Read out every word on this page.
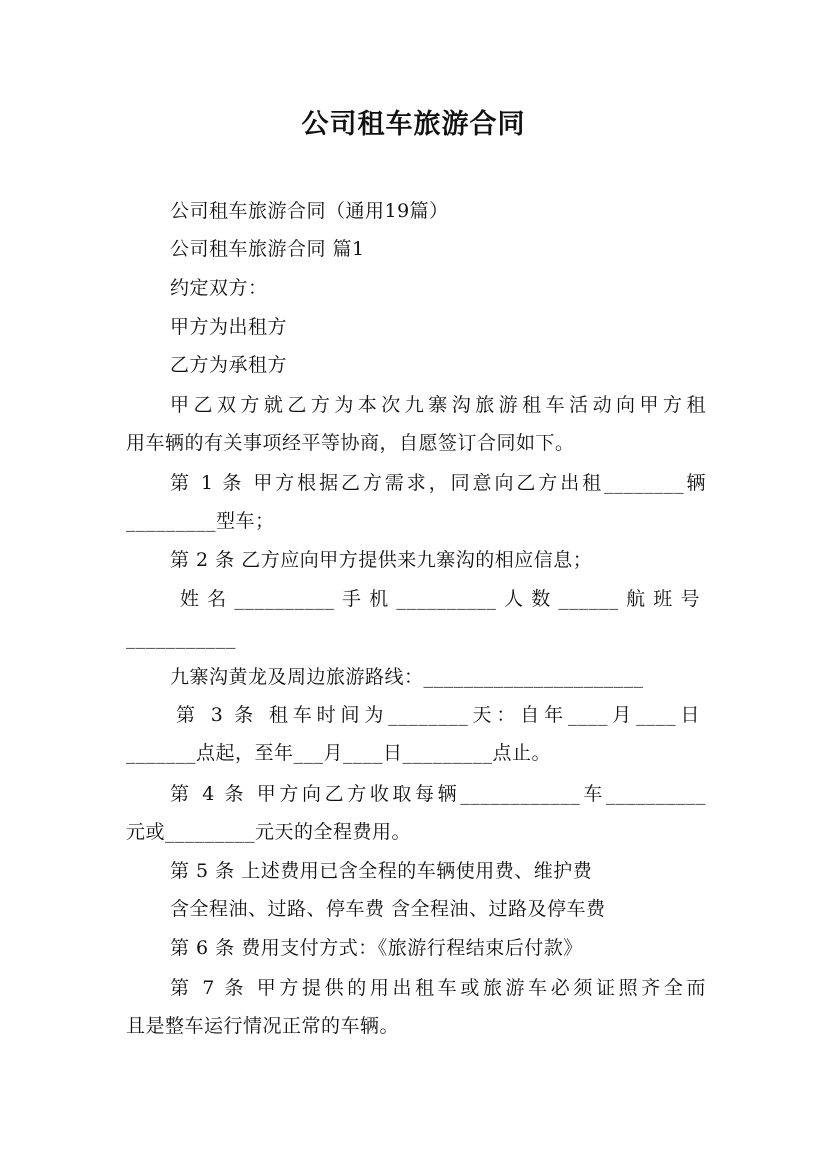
公司租车旅游合同
公司租车旅游合同（通用19篇）
公司租车旅游合同 篇1
约定双方：
甲方为出租方
乙方为承租方
甲乙双方就乙方为本次九寨沟旅游租车活动向甲方租
用车辆的有关事项经平等协商，自愿签订合同如下。
第 1 条 甲方根据乙方需求，同意向乙方出租________辆
_________型车；
第 2 条 乙方应向甲方提供来九寨沟的相应信息；
姓名__________手机__________人数______航班号
___________
九寨沟黄龙及周边旅游路线：______________________
第 3 条 租车时间为________天：自年____月____日
_______点起，至年___月____日_________点止。
第 4 条 甲方向乙方收取每辆____________车__________
元或_________元天的全程费用。
第 5 条 上述费用已含全程的车辆使用费、维护费
含全程油、过路、停车费 含全程油、过路及停车费
第 6 条 费用支付方式：《旅游行程结束后付款》
第 7 条 甲方提供的用出租车或旅游车必须证照齐全而
且是整车运行情况正常的车辆。
